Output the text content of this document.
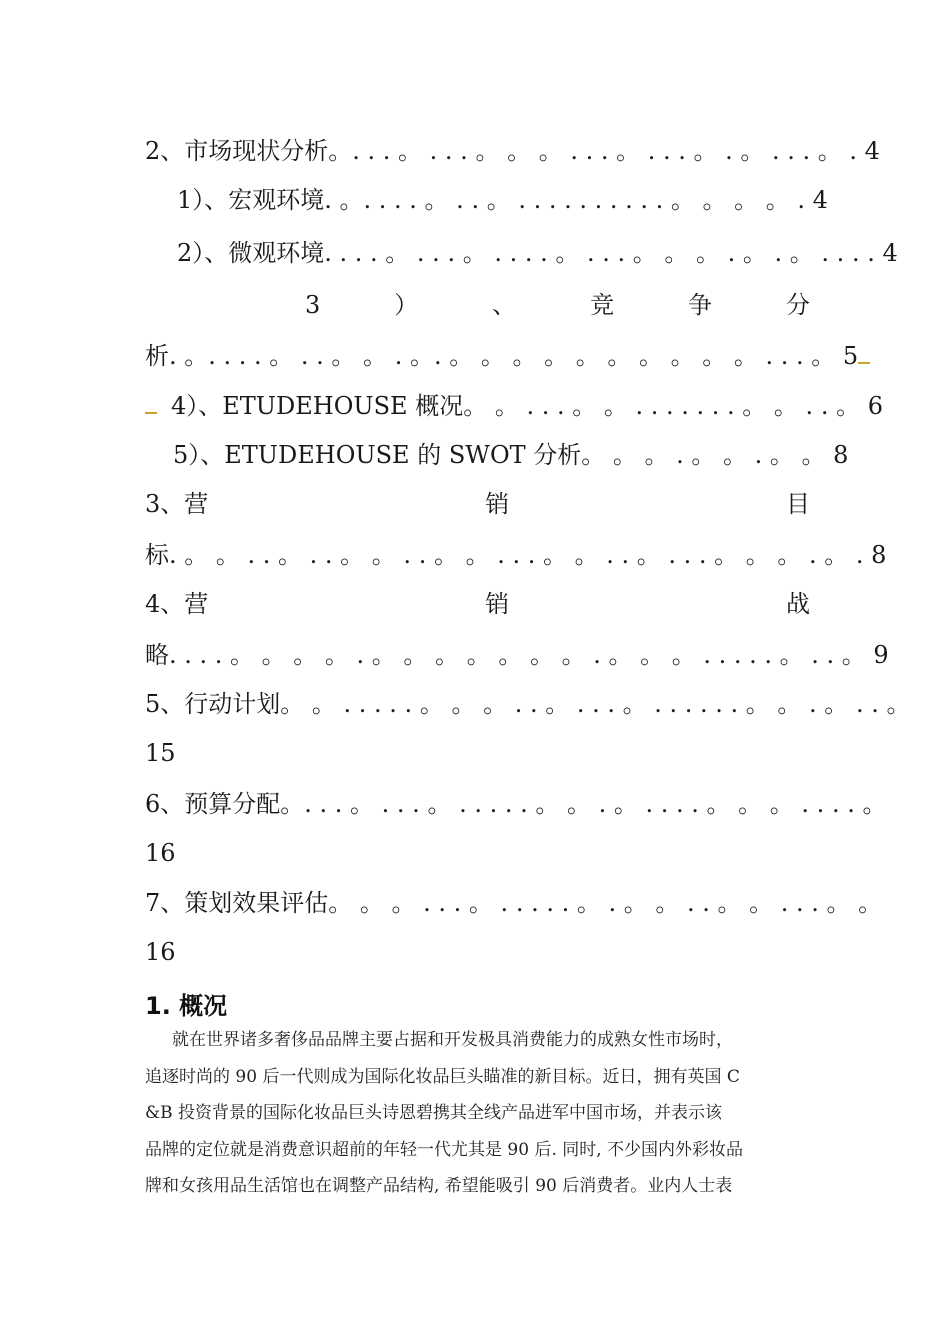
2、市场现状分析。. . . 。 . . . 。 。 。 . . . 。 . . . 。 . 。 . . . 。 . 4
1）、宏观环境. 。. . . . 。 . . 。 . . . . . . . . . . 。 。 。 。 . 4
2）、微观环境. . . . 。 . . . 。 . . . . 。 . . . 。 。 。 . 。 . 。 . . . . 4
3	）	、	竞	争	分
析. 。. . . . 。 . . 。 。 . 。. 。 。 。 。 。 。 。 。 。 。 . . . 。 5
4）、ETUDEHOUSE 概况。 。 . . . 。 。 . . . . . . . 。 。 . . 。 6
5）、ETUDEHOUSE 的 SWOT 分析。 。 。 . 。 。 . 。 。 8
3、营	销	目
标. 。 。 . . 。 . . 。 。 . . 。 。 . . . 。 。 . . 。 . . . 。 。 。 . 。 . 8
4、营	销	战
略. . . . 。 。 。 。 . 。 。 。 。 。 。 。 . 。 。 。 . . . . . 。 . . 。 9
5、行动计划。 。 . . . . . 。 。 。 . . 。 . . . 。 . . . . . . 。 。 . 。 . . 。
15
6、预算分配。. . . 。 . . . 。 . . . . . 。 。 . 。 . . . . 。 。 。 . . . . 。
16
7、策划效果评估。 。 。 . . . 。 . . . . . 。 . 。 。 . . 。 。 . . . 。 。
16
1. 概况
就在世界诸多奢侈品品牌主要占据和开发极具消费能力的成熟女性市场时，
追逐时尚的 90 后一代则成为国际化妆品巨头瞄准的新目标。近日，拥有英国 C
&B 投资背景的国际化妆品巨头诗恩碧携其全线产品进军中国市场，并表示该
品牌的定位就是消费意识超前的年轻一代尤其是 90 后. 同时, 不少国内外彩妆品
牌和女孩用品生活馆也在调整产品结构, 希望能吸引 90 后消费者。业内人士表
